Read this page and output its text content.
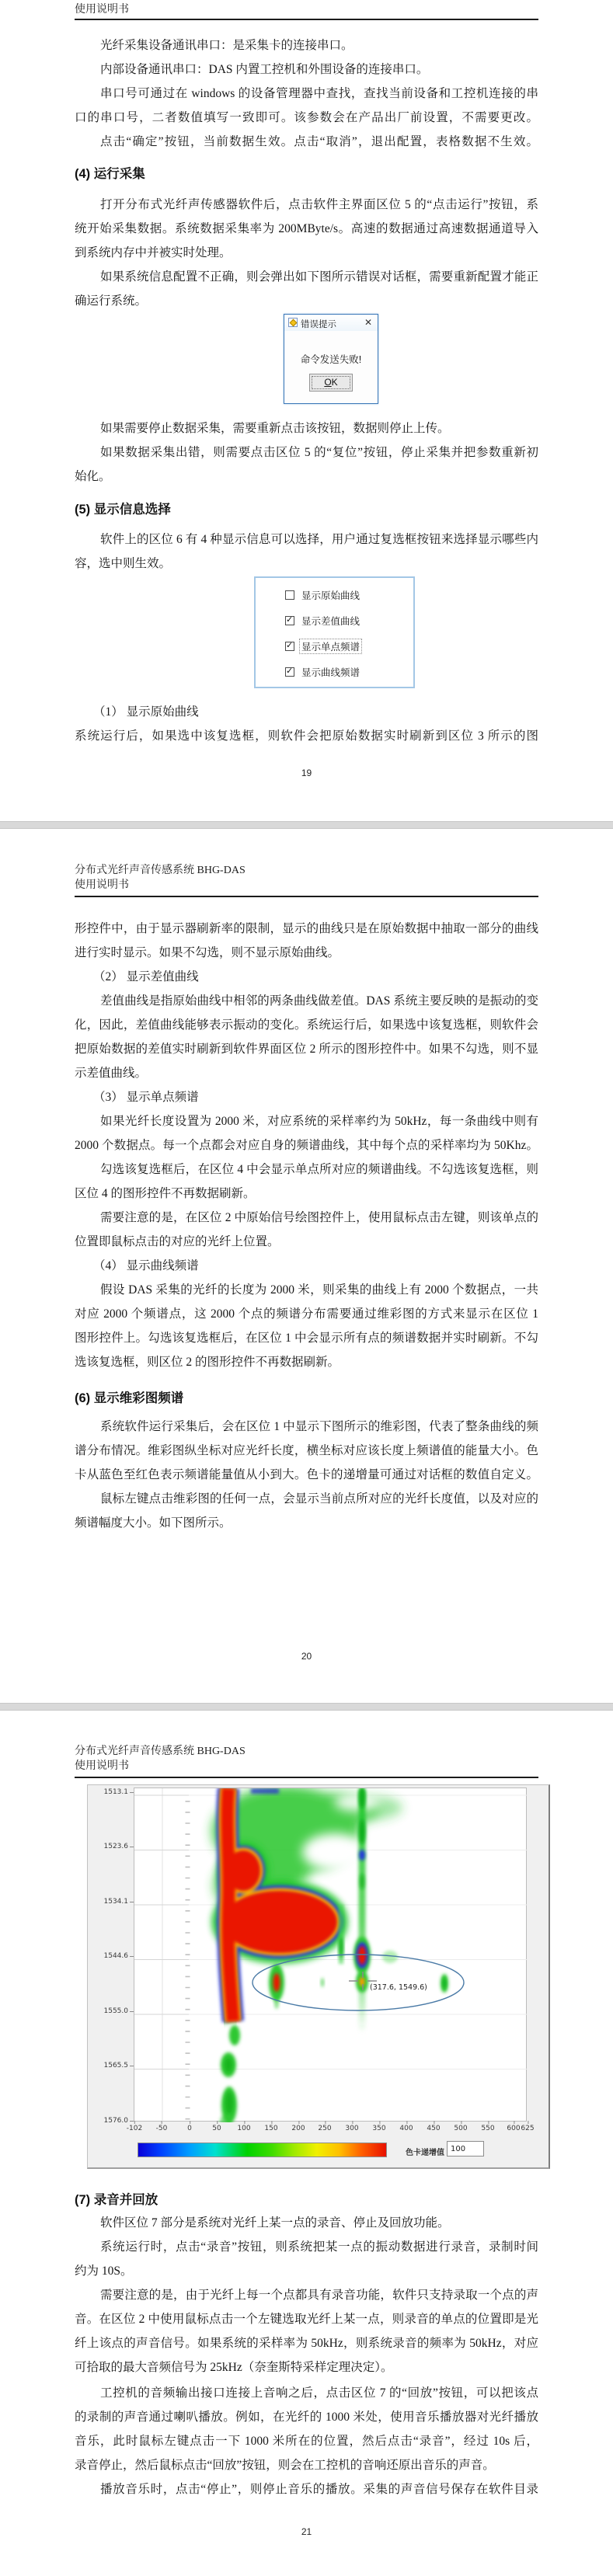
使用说明书
光纤采集设备通讯串口：是采集卡的连接串口。
内部设备通讯串口：DAS 内置工控机和外围设备的连接串口。
串口号可通过在 windows 的设备管理器中查找，查找当前设备和工控机连接的串
口的串口号，二者数值填写一致即可。该参数会在产品出厂前设置，不需要更改。
点击“确定”按钮，当前数据生效。点击“取消”，退出配置，表格数据不生效。
(4) 运行采集
打开分布式光纤声传感器软件后，点击软件主界面区位 5 的“点击运行”按钮，系
统开始采集数据。系统数据采集率为 200MByte/s。高速的数据通过高速数据通道导入
到系统内存中并被实时处理。
如果系统信息配置不正确，则会弹出如下图所示错误对话框，需要重新配置才能正
确运行系统。
错误提示	✕
命令发送失败!
OK
如果需要停止数据采集，需要重新点击该按钮，数据则停止上传。
如果数据采集出错，则需要点击区位 5 的“复位”按钮，停止采集并把参数重新初
始化。
(5) 显示信息选择
软件上的区位 6 有 4 种显示信息可以选择，用户通过复选框按钮来选择显示哪些内
容，选中则生效。
显示原始曲线
✓
显示差值曲线
✓
显示单点频谱
✓
显示曲线频谱
（1） 显示原始曲线
系统运行后，如果选中该复选框，则软件会把原始数据实时刷新到区位 3 所示的图
19
分布式光纤声音传感系统 BHG-DAS
使用说明书
形控件中，由于显示器刷新率的限制，显示的曲线只是在原始数据中抽取一部分的曲线
进行实时显示。如果不勾选，则不显示原始曲线。
（2） 显示差值曲线
差值曲线是指原始曲线中相邻的两条曲线做差值。DAS 系统主要反映的是振动的变
化，因此，差值曲线能够表示振动的变化。系统运行后，如果选中该复选框，则软件会
把原始数据的差值实时刷新到软件界面区位 2 所示的图形控件中。如果不勾选，则不显
示差值曲线。
（3） 显示单点频谱
如果光纤长度设置为 2000 米，对应系统的采样率约为 50kHz，每一条曲线中则有
2000 个数据点。每一个点都会对应自身的频谱曲线，其中每个点的采样率均为 50Khz。
勾选该复选框后，在区位 4 中会显示单点所对应的频谱曲线。不勾选该复选框，则
区位 4 的图形控件不再数据刷新。
需要注意的是，在区位 2 中原始信号绘图控件上，使用鼠标点击左键，则该单点的
位置即鼠标点击的对应的光纤上位置。
（4） 显示曲线频谱
假设 DAS 采集的光纤的长度为 2000 米，则采集的曲线上有 2000 个数据点，一共
对应 2000 个频谱点，这 2000 个点的频谱分布需要通过维彩图的方式来显示在区位 1
图形控件上。勾选该复选框后，在区位 1 中会显示所有点的频谱数据并实时刷新。不勾
选该复选框，则区位 2 的图形控件不再数据刷新。
(6) 显示维彩图频谱
系统软件运行采集后，会在区位 1 中显示下图所示的维彩图，代表了整条曲线的频
谱分布情况。维彩图纵坐标对应光纤长度，横坐标对应该长度上频谱值的能量大小。色
卡从蓝色至红色表示频谱能量值从小到大。色卡的递增量可通过对话框的数值自定义。
鼠标左键点击维彩图的任何一点，会显示当前点所对应的光纤长度值，以及对应的
频谱幅度大小。如下图所示。
20
分布式光纤声音传感系统 BHG-DAS
使用说明书
1513.1
1523.6
1534.1
1544.6
1555.0
1565.5
1576.0
(317.6, 1549.6)
-102 -50	0	50 100 150 200 250 300 350 400 450 500 550 600 625
色卡递增值
100
(7) 录音并回放
软件区位 7 部分是系统对光纤上某一点的录音、停止及回放功能。
系统运行时，点击“录音”按钮，则系统把某一点的振动数据进行录音，录制时间
约为 10S。
需要注意的是，由于光纤上每一个点都具有录音功能，软件只支持录取一个点的声
音。在区位 2 中使用鼠标点击一个左键选取光纤上某一点，则录音的单点的位置即是光
纤上该点的声音信号。如果系统的采样率为 50kHz，则系统录音的频率为 50kHz，对应
可拾取的最大音频信号为 25kHz（奈奎斯特采样定理决定）。
工控机的音频输出接口连接上音响之后，点击区位 7 的“回放”按钮，可以把该点
的录制的声音通过喇叭播放。例如，在光纤的 1000 米处，使用音乐播放器对光纤播放
音乐，此时鼠标左键点击一下 1000 米所在的位置，然后点击“录音”，经过 10s 后，
录音停止，然后鼠标点击“回放”按钮，则会在工控机的音响还原出音乐的声音。
播放音乐时，点击“停止”，则停止音乐的播放。采集的声音信号保存在软件目录
21
